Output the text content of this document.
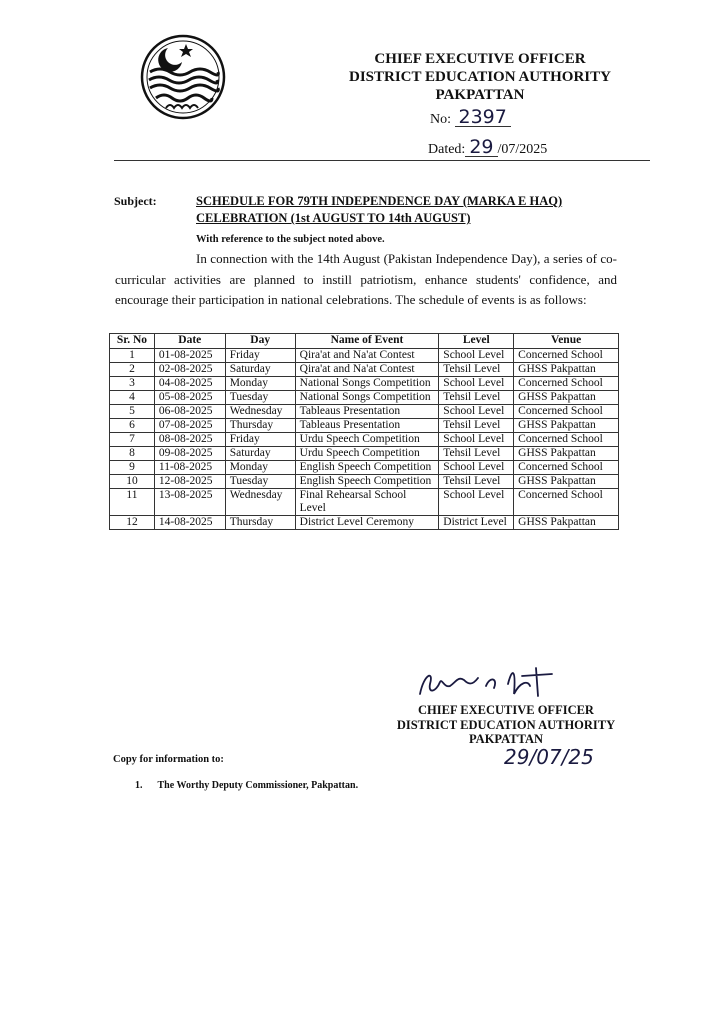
CHIEF EXECUTIVE OFFICER
DISTRICT EDUCATION AUTHORITY
PAKPATTAN
No: 2397
Dated: 29 /07/2025
Subject:	SCHEDULE FOR 79TH INDEPENDENCE DAY (MARKA E HAQ)
CELEBRATION (1st AUGUST TO 14th AUGUST)
With reference to the subject noted above.
In connection with the 14th August (Pakistan Independence Day), a series of co-curricular activities are planned to instill patriotism, enhance students' confidence, and encourage their participation in national celebrations. The schedule of events is as follows:
Sr. No	Date	Day	Name of Event	Level	Venue
1	01-08-2025	Friday	Qira'at and Na'at Contest	School Level	Concerned School
2	02-08-2025	Saturday	Qira'at and Na'at Contest	Tehsil Level	GHSS Pakpattan
3	04-08-2025	Monday	National Songs Competition	School Level	Concerned School
4	05-08-2025	Tuesday	National Songs Competition	Tehsil Level	GHSS Pakpattan
5	06-08-2025	Wednesday	Tableaus Presentation	School Level	Concerned School
6	07-08-2025	Thursday	Tableaus Presentation	Tehsil Level	GHSS Pakpattan
7	08-08-2025	Friday	Urdu Speech Competition	School Level	Concerned School
8	09-08-2025	Saturday	Urdu Speech Competition	Tehsil Level	GHSS Pakpattan
9	11-08-2025	Monday	English Speech Competition	School Level	Concerned School
10	12-08-2025	Tuesday	English Speech Competition	Tehsil Level	GHSS Pakpattan
11	13-08-2025	Wednesday	Final Rehearsal School Level	School Level	Concerned School
12	14-08-2025	Thursday	District Level Ceremony	District Level	GHSS Pakpattan
CHIEF EXECUTIVE OFFICER
DISTRICT EDUCATION AUTHORITY
PAKPATTAN
29/07/25
Copy for information to:
1. The Worthy Deputy Commissioner, Pakpattan.
